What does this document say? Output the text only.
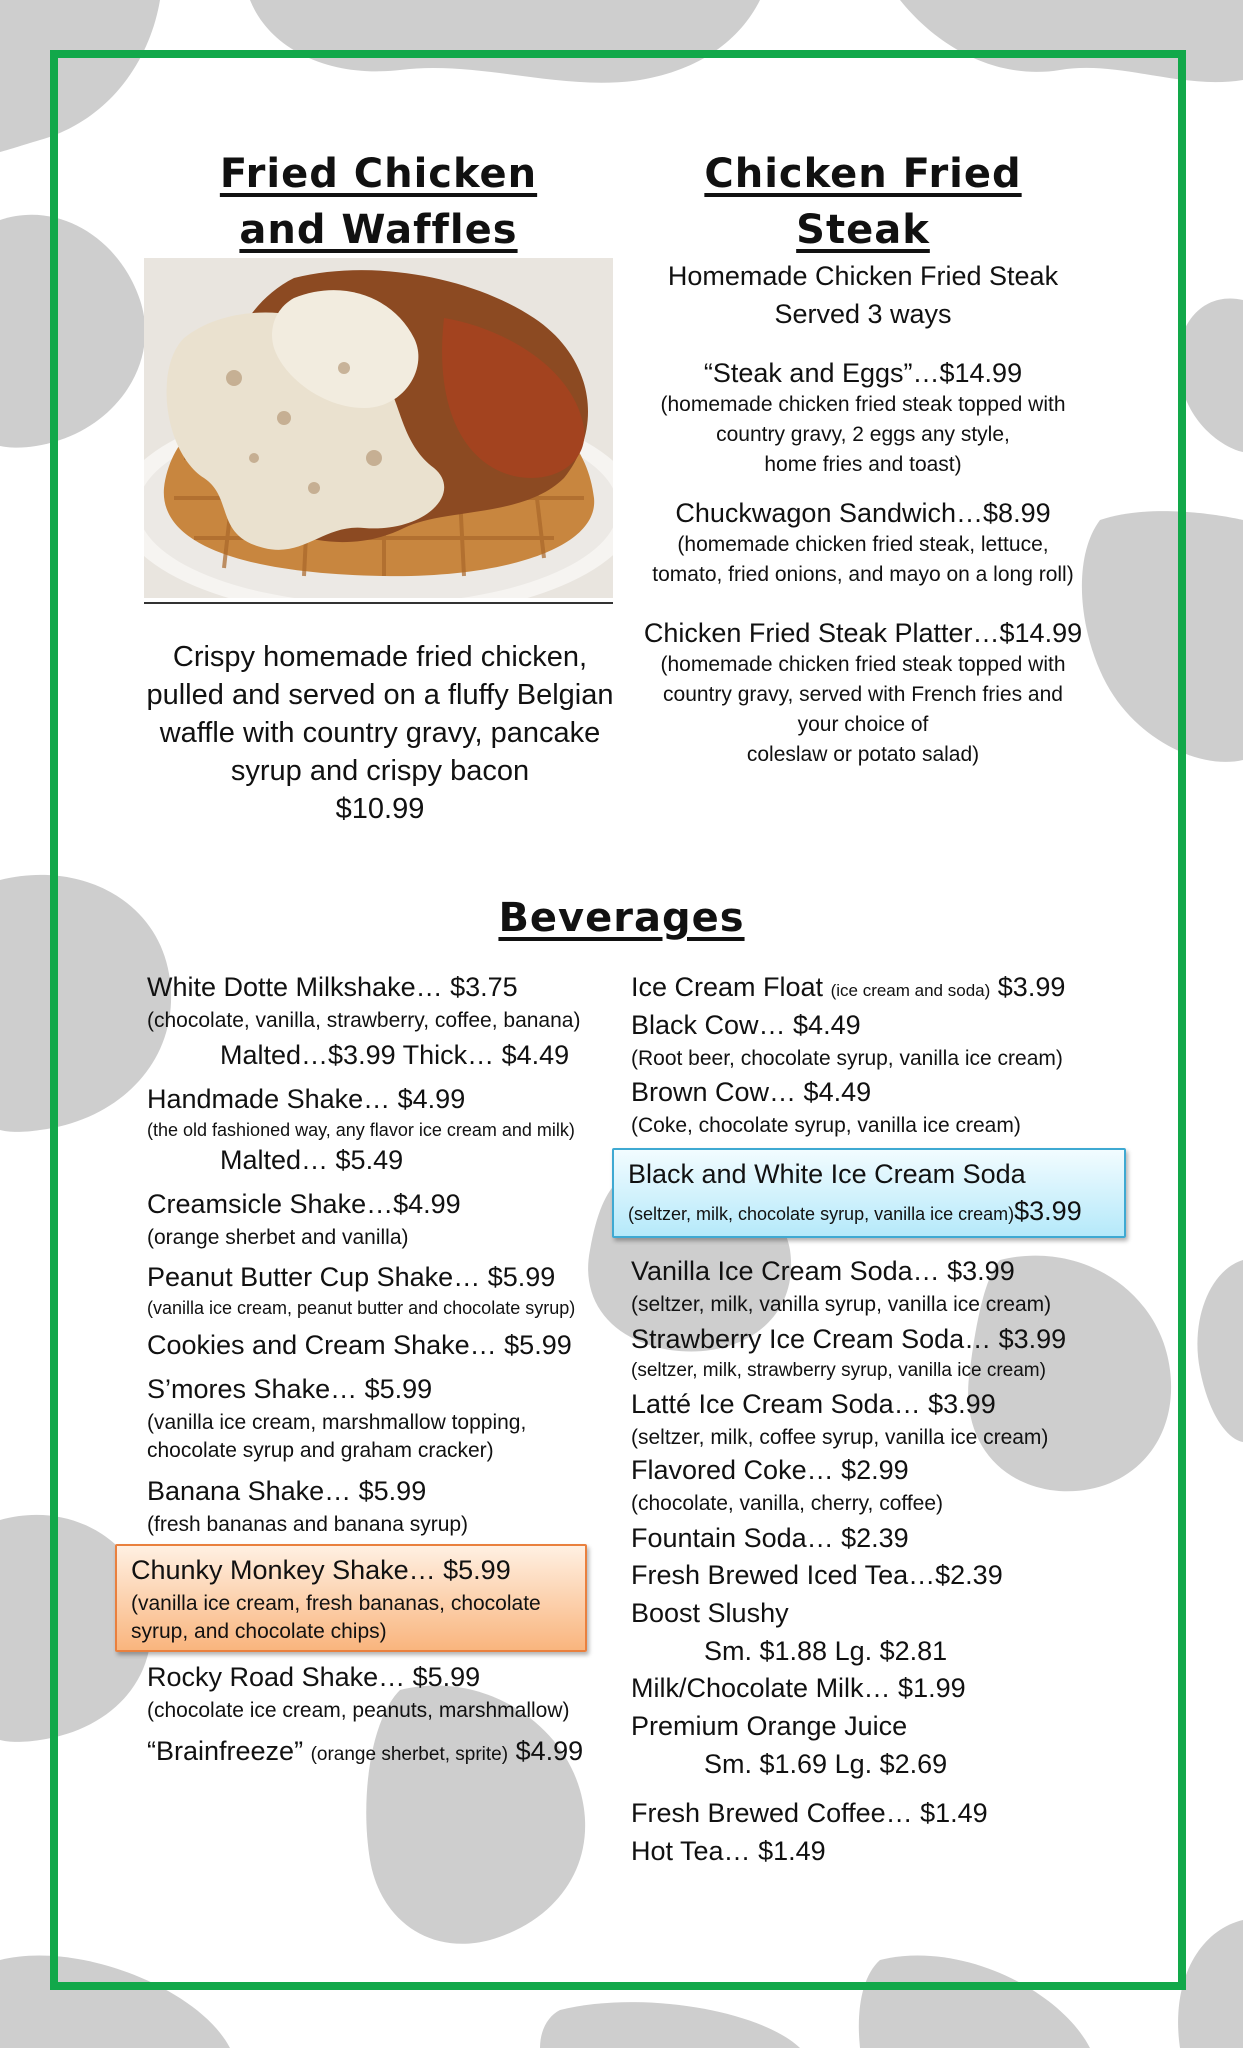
Fried Chicken
and Waffles
Crispy homemade fried chicken,
pulled and served on a fluffy Belgian
waffle with country gravy, pancake
syrup and crispy bacon
$10.99
Chicken Fried
Steak
Homemade Chicken Fried Steak
Served 3 ways
“Steak and Eggs”…$14.99
(homemade chicken fried steak topped with
country gravy, 2 eggs any style,
home fries and toast)
Chuckwagon Sandwich…$8.99
(homemade chicken fried steak, lettuce,
tomato, fried onions, and mayo on a long roll)
Chicken Fried Steak Platter…$14.99
(homemade chicken fried steak topped with
country gravy, served with French fries and
your choice of
coleslaw or potato salad)
Beverages
White Dotte Milkshake… $3.75
(chocolate, vanilla, strawberry, coffee, banana)
Malted…$3.99 Thick… $4.49
Handmade Shake… $4.99
(the old fashioned way, any flavor ice cream and milk)
Malted… $5.49
Creamsicle Shake…$4.99
(orange sherbet and vanilla)
Peanut Butter Cup Shake… $5.99
(vanilla ice cream, peanut butter and chocolate syrup)
Cookies and Cream Shake… $5.99
S’mores Shake… $5.99
(vanilla ice cream, marshmallow topping,
chocolate syrup and graham cracker)
Banana Shake… $5.99
(fresh bananas and banana syrup)
Chunky Monkey Shake… $5.99
(vanilla ice cream, fresh bananas, chocolate
syrup, and chocolate chips)
Rocky Road Shake… $5.99
(chocolate ice cream, peanuts, marshmallow)
“Brainfreeze” (orange sherbet, sprite) $4.99
Ice Cream Float (ice cream and soda) $3.99
Black Cow… $4.49
(Root beer, chocolate syrup, vanilla ice cream)
Brown Cow… $4.49
(Coke, chocolate syrup, vanilla ice cream)
Black and White Ice Cream Soda
(seltzer, milk, chocolate syrup, vanilla ice cream)$3.99
Vanilla Ice Cream Soda… $3.99
(seltzer, milk, vanilla syrup, vanilla ice cream)
Strawberry Ice Cream Soda… $3.99
(seltzer, milk, strawberry syrup, vanilla ice cream)
Latté Ice Cream Soda… $3.99
(seltzer, milk, coffee syrup, vanilla ice cream)
Flavored Coke… $2.99
(chocolate, vanilla, cherry, coffee)
Fountain Soda… $2.39
Fresh Brewed Iced Tea…$2.39
Boost Slushy
Sm. $1.88 Lg. $2.81
Milk/Chocolate Milk… $1.99
Premium Orange Juice
Sm. $1.69 Lg. $2.69
Fresh Brewed Coffee… $1.49
Hot Tea… $1.49
